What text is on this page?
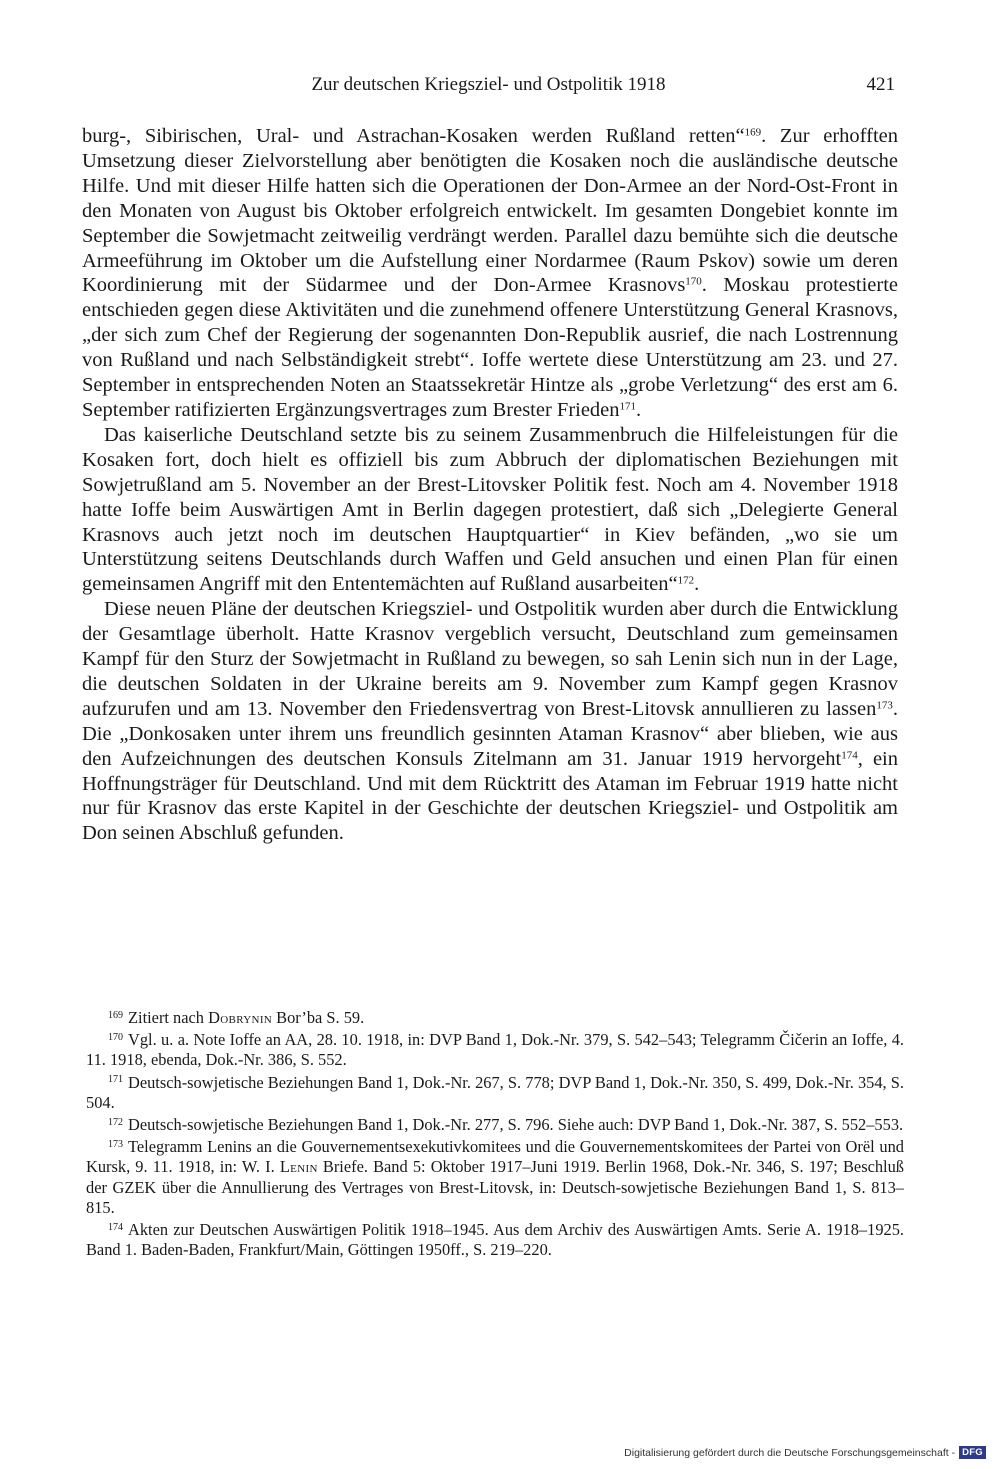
Zur deutschen Kriegsziel- und Ostpolitik 1918	421

burg-, Sibirischen, Ural- und Astrachan-Kosaken werden Rußland retten“$^{169}$. Zur erhofften Umsetzung dieser Zielvorstellung aber benötigten die Kosaken noch die ausländische deutsche Hilfe. Und mit dieser Hilfe hatten sich die Operationen der Don-Armee an der Nord-Ost-Front in den Monaten von August bis Oktober erfolgreich entwickelt. Im gesamten Dongebiet konnte im September die Sowjetmacht zeitweilig verdrängt werden. Parallel dazu bemühte sich die deutsche Armeeführung im Oktober um die Aufstellung einer Nordarmee (Raum Pskov) sowie um deren Koordinierung mit der Südarmee und der Don-Armee Krasnovs$^{170}$. Moskau protestierte entschieden gegen diese Aktivitäten und die zunehmend offenere Unterstützung General Krasnovs, „der sich zum Chef der Regierung der sogenannten Don-Republik ausrief, die nach Lostrennung von Rußland und nach Selbständigkeit strebt“. Ioffe wertete diese Unterstützung am 23. und 27. September in entsprechenden Noten an Staatssekretär Hintze als „grobe Verletzung“ des erst am 6. September ratifizierten Ergänzungsvertrages zum Brester Frieden$^{171}$.

Das kaiserliche Deutschland setzte bis zu seinem Zusammenbruch die Hilfeleistungen für die Kosaken fort, doch hielt es offiziell bis zum Abbruch der diplomatischen Beziehungen mit Sowjetrußland am 5. November an der Brest-Litovsker Politik fest. Noch am 4. November 1918 hatte Ioffe beim Auswärtigen Amt in Berlin dagegen protestiert, daß sich „Delegierte General Krasnovs auch jetzt noch im deutschen Hauptquartier“ in Kiev befänden, „wo sie um Unterstützung seitens Deutschlands durch Waffen und Geld ansuchen und einen Plan für einen gemeinsamen Angriff mit den Ententemächten auf Rußland ausarbeiten“$^{172}$.

Diese neuen Pläne der deutschen Kriegsziel- und Ostpolitik wurden aber durch die Entwicklung der Gesamtlage überholt. Hatte Krasnov vergeblich versucht, Deutschland zum gemeinsamen Kampf für den Sturz der Sowjetmacht in Rußland zu bewegen, so sah Lenin sich nun in der Lage, die deutschen Soldaten in der Ukraine bereits am 9. November zum Kampf gegen Krasnov aufzurufen und am 13. November den Friedensvertrag von Brest-Litovsk annullieren zu lassen$^{173}$. Die „Donkosaken unter ihrem uns freundlich gesinnten Ataman Krasnov“ aber blieben, wie aus den Aufzeichnungen des deutschen Konsuls Zitelmann am 31. Januar 1919 hervorgeht$^{174}$, ein Hoffnungsträger für Deutschland. Und mit dem Rücktritt des Ataman im Februar 1919 hatte nicht nur für Krasnov das erste Kapitel in der Geschichte der deutschen Kriegsziel- und Ostpolitik am Don seinen Abschluß gefunden.

$^{169}$ Zitiert nach Dobrynin Bor’ba S. 59.

$^{170}$ Vgl. u. a. Note Ioffe an AA, 28. 10. 1918, in: DVP Band 1, Dok.-Nr. 379, S. 542–543; Telegramm Čičerin an Ioffe, 4. 11. 1918, ebenda, Dok.-Nr. 386, S. 552.

$^{171}$ Deutsch-sowjetische Beziehungen Band 1, Dok.-Nr. 267, S. 778; DVP Band 1, Dok.-Nr. 350, S. 499, Dok.-Nr. 354, S. 504.

$^{172}$ Deutsch-sowjetische Beziehungen Band 1, Dok.-Nr. 277, S. 796. Siehe auch: DVP Band 1, Dok.-Nr. 387, S. 552–553.

$^{173}$ Telegramm Lenins an die Gouvernementsexekutivkomitees und die Gouvernementskomitees der Partei von Orël und Kursk, 9. 11. 1918, in: W. I. Lenin Briefe. Band 5: Oktober 1917–Juni 1919. Berlin 1968, Dok.-Nr. 346, S. 197; Beschluß der GZEK über die Annullierung des Vertrages von Brest-Litovsk, in: Deutsch-sowjetische Beziehungen Band 1, S. 813–815.

$^{174}$ Akten zur Deutschen Auswärtigen Politik 1918–1945. Aus dem Archiv des Auswärtigen Amts. Serie A. 1918–1925. Band 1. Baden-Baden, Frankfurt/Main, Göttingen 1950ff., S. 219–220.

Digitalisierung gefördert durch die Deutsche Forschungsgemeinschaft - DFG
